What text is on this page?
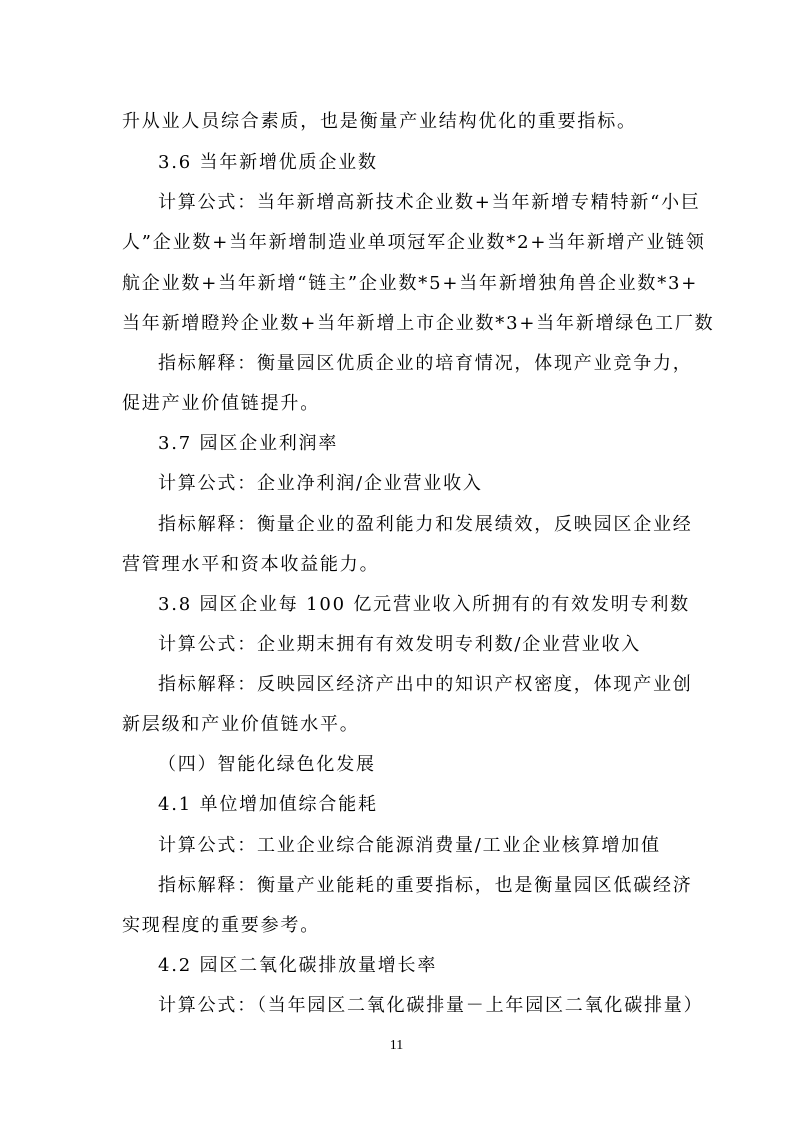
升从业人员综合素质，也是衡量产业结构优化的重要指标。
3.6 当年新增优质企业数
计算公式：当年新增高新技术企业数+当年新增专精特新“小巨
人”企业数+当年新增制造业单项冠军企业数*2+当年新增产业链领
航企业数+当年新增“链主”企业数*5+当年新增独角兽企业数*3+
当年新增瞪羚企业数+当年新增上市企业数*3+当年新增绿色工厂数
指标解释：衡量园区优质企业的培育情况，体现产业竞争力，
促进产业价值链提升。
3.7 园区企业利润率
计算公式：企业净利润/企业营业收入
指标解释：衡量企业的盈利能力和发展绩效，反映园区企业经
营管理水平和资本收益能力。
3.8 园区企业每 100 亿元营业收入所拥有的有效发明专利数
计算公式：企业期末拥有有效发明专利数/企业营业收入
指标解释：反映园区经济产出中的知识产权密度，体现产业创
新层级和产业价值链水平。
（四）智能化绿色化发展
4.1 单位增加值综合能耗
计算公式：工业企业综合能源消费量/工业企业核算增加值
指标解释：衡量产业能耗的重要指标，也是衡量园区低碳经济
实现程度的重要参考。
4.2 园区二氧化碳排放量增长率
计算公式：（当年园区二氧化碳排量－上年园区二氧化碳排量）
11
